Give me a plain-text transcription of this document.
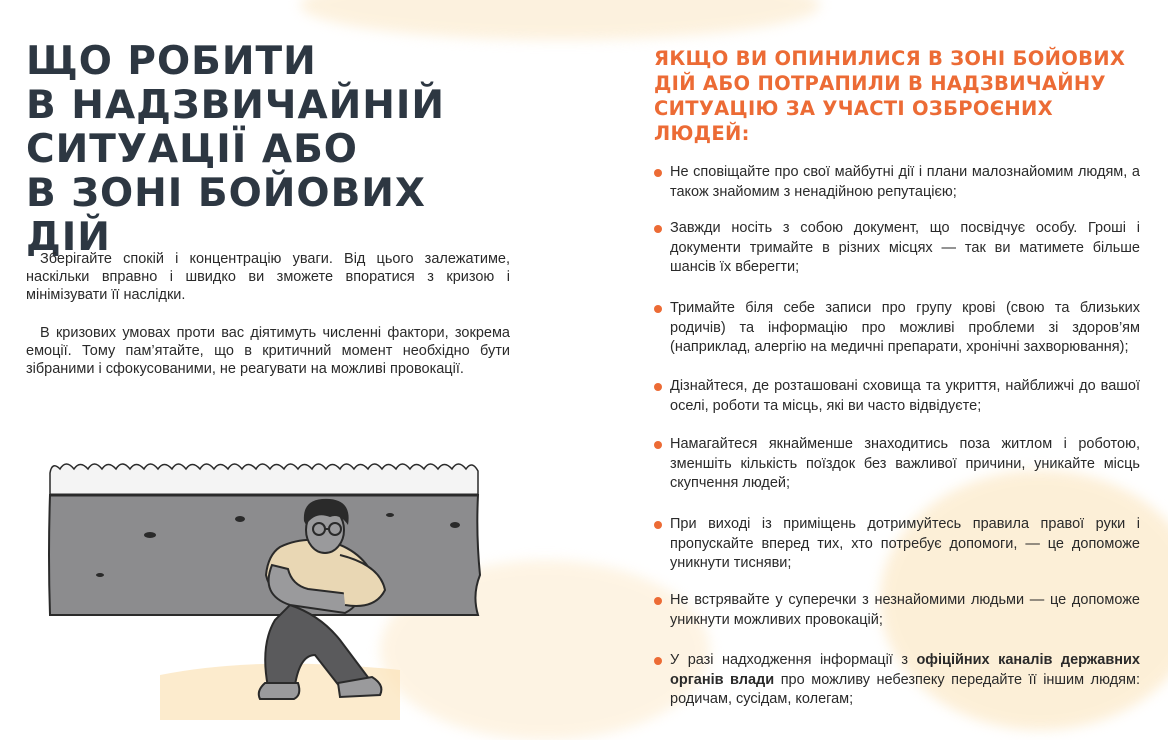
ЩО РОБИТИ
В НАДЗВИЧАЙНІЙ
СИТУАЦІЇ АБО
В ЗОНІ БОЙОВИХ ДІЙ

Зберігайте спокій і концентрацію уваги. Від цього залежатиме, наскільки вправно і швидко ви зможете впоратися з кризою і мінімізувати її наслідки.

В кризових умовах проти вас діятимуть численні фактори, зокрема емоції. Тому пам’ятайте, що в критичний момент необхідно бути зібраними і сфокусованими, не реагувати на можливі провокації.

ЯКЩО ВИ ОПИНИЛИСЯ В ЗОНІ БОЙОВИХ
ДІЙ АБО ПОТРАПИЛИ В НАДЗВИЧАЙНУ
СИТУАЦІЮ ЗА УЧАСТІ ОЗБРОЄНИХ ЛЮДЕЙ:
Не сповіщайте про свої майбутні дії і плани малознайомим людям, а також знайомим з ненадійною репутацією;
Завжди носіть з собою документ, що посвідчує особу. Гроші і документи тримайте в різних місцях — так ви матимете більше шансів їх вберегти;
Тримайте біля себе записи про групу крові (свою та близьких родичів) та інформацію про можливі проблеми зі здоров’ям (наприклад, алергію на медичні препарати, хронічні захворювання);
Дізнайтеся, де розташовані сховища та укриття, найближчі до вашої оселі, роботи та місць, які ви часто відвідуєте;
Намагайтеся якнайменше знаходитись поза житлом і роботою, зменшіть кількість поїздок без важливої причини, уникайте місць скупчення людей;
При виході із приміщень дотримуйтесь правила правої руки і пропускайте вперед тих, хто потребує допомоги, — це допоможе уникнути тисняви;
Не встрявайте у суперечки з незнайомими людьми — це допоможе уникнути можливих провокацій;
У разі надходження інформації з офіційних каналів державних органів влади про можливу небезпеку передайте її іншим людям: родичам, сусідам, колегам;
